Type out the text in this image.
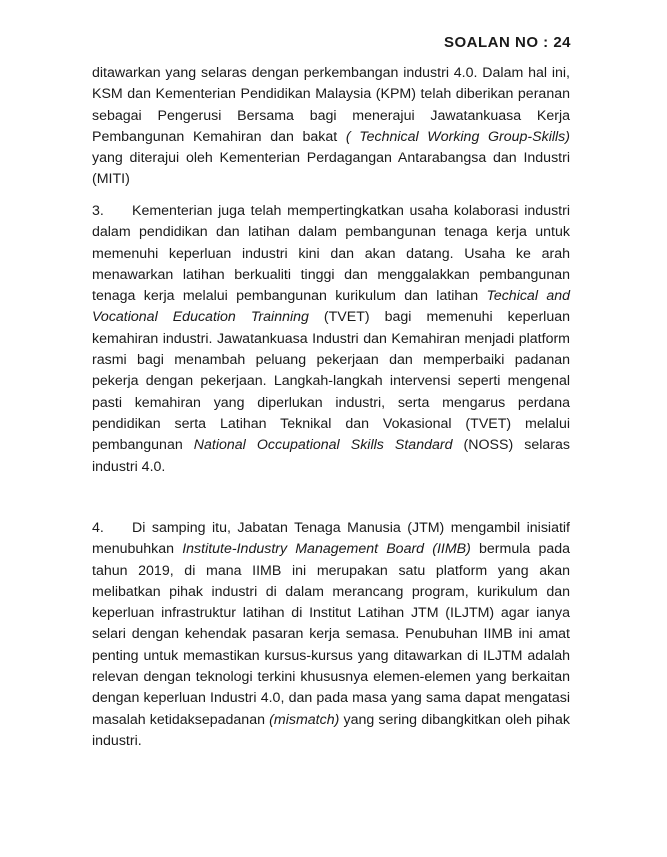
SOALAN NO : 24
ditawarkan yang selaras dengan perkembangan industri 4.0. Dalam hal ini, KSM dan Kementerian Pendidikan Malaysia (KPM) telah diberikan peranan sebagai Pengerusi Bersama bagi menerajui Jawatankuasa Kerja Pembangunan Kemahiran dan bakat ( Technical Working Group-Skills) yang diterajui oleh Kementerian Perdagangan Antarabangsa dan Industri (MITI)
3. Kementerian juga telah mempertingkatkan usaha kolaborasi industri dalam pendidikan dan latihan dalam pembangunan tenaga kerja untuk memenuhi keperluan industri kini dan akan datang. Usaha ke arah menawarkan latihan berkualiti tinggi dan menggalakkan pembangunan tenaga kerja melalui pembangunan kurikulum dan latihan Techical and Vocational Education Trainning (TVET) bagi memenuhi keperluan kemahiran industri. Jawatankuasa Industri dan Kemahiran menjadi platform rasmi bagi menambah peluang pekerjaan dan memperbaiki padanan pekerja dengan pekerjaan. Langkah-langkah intervensi seperti mengenal pasti kemahiran yang diperlukan industri, serta mengarus perdana pendidikan serta Latihan Teknikal dan Vokasional (TVET) melalui pembangunan National Occupational Skills Standard (NOSS) selaras industri 4.0.
4. Di samping itu, Jabatan Tenaga Manusia (JTM) mengambil inisiatif menubuhkan Institute-Industry Management Board (IIMB) bermula pada tahun 2019, di mana IIMB ini merupakan satu platform yang akan melibatkan pihak industri di dalam merancang program, kurikulum dan keperluan infrastruktur latihan di Institut Latihan JTM (ILJTM) agar ianya selari dengan kehendak pasaran kerja semasa. Penubuhan IIMB ini amat penting untuk memastikan kursus-kursus yang ditawarkan di ILJTM adalah relevan dengan teknologi terkini khususnya elemen-elemen yang berkaitan dengan keperluan Industri 4.0, dan pada masa yang sama dapat mengatasi masalah ketidaksepadanan (mismatch) yang sering dibangkitkan oleh pihak industri.
